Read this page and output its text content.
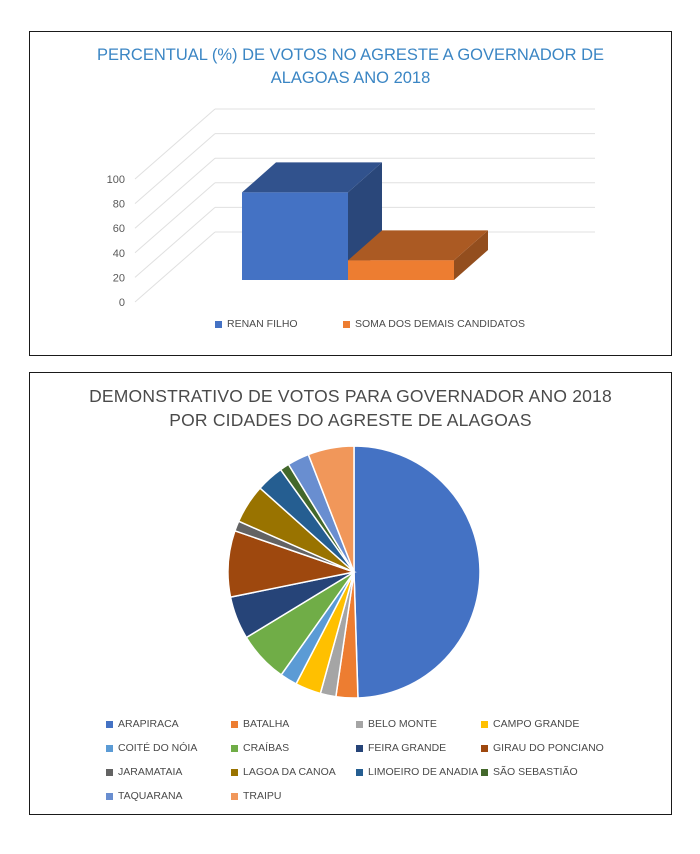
PERCENTUAL (%) DE VOTOS NO AGRESTE A GOVERNADOR DE
ALAGOAS ANO 2018
0
20
40
60
80
100
RENAN FILHO	SOMA DOS DEMAIS CANDIDATOS
DEMONSTRATIVO DE VOTOS PARA GOVERNADOR ANO 2018
POR CIDADES DO AGRESTE DE ALAGOAS
ARAPIRACA	BATALHA	BELO MONTE	CAMPO GRANDE
COITÉ DO NÓIA	CRAÍBAS	FEIRA GRANDE	GIRAU DO PONCIANO
JARAMATAIA	LAGOA DA CANOA	LIMOEIRO DE ANADIA SÃO SEBASTIÃO
TAQUARANA	TRAIPU
